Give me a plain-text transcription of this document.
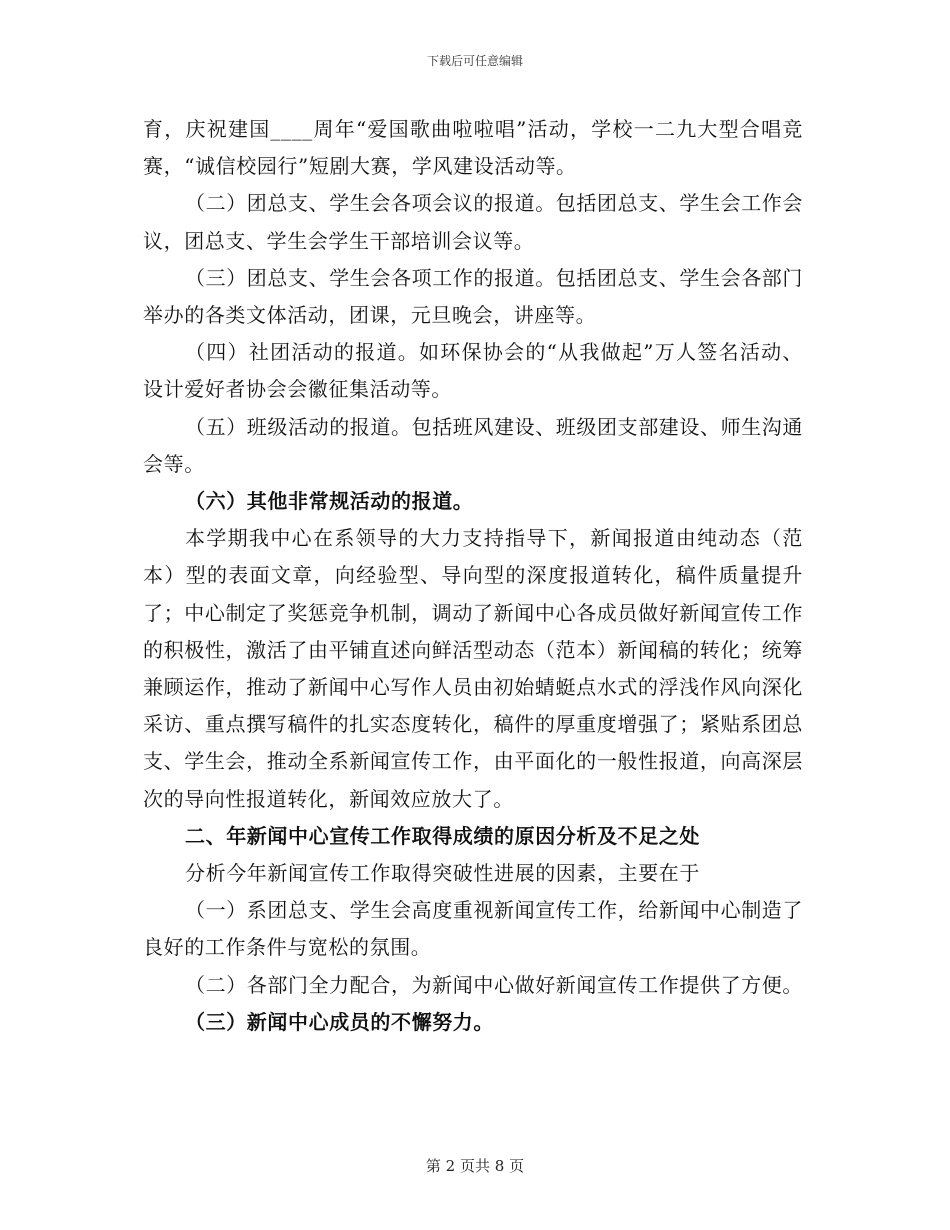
下载后可任意编辑

育，庆祝建国____周年“爱国歌曲啦啦唱”活动，学校一二九大型合唱竞赛，“诚信校园行”短剧大赛，学风建设活动等。

（二）团总支、学生会各项会议的报道。包括团总支、学生会工作会议，团总支、学生会学生干部培训会议等。

（三）团总支、学生会各项工作的报道。包括团总支、学生会各部门举办的各类文体活动，团课，元旦晚会，讲座等。

（四）社团活动的报道。如环保协会的“从我做起”万人签名活动、设计爱好者协会会徽征集活动等。

（五）班级活动的报道。包括班风建设、班级团支部建设、师生沟通会等。

（六）其他非常规活动的报道。

本学期我中心在系领导的大力支持指导下，新闻报道由纯动态（范本）型的表面文章，向经验型、导向型的深度报道转化，稿件质量提升了；中心制定了奖惩竞争机制，调动了新闻中心各成员做好新闻宣传工作的积极性，激活了由平铺直述向鲜活型动态（范本）新闻稿的转化；统筹兼顾运作，推动了新闻中心写作人员由初始蜻蜓点水式的浮浅作风向深化采访、重点撰写稿件的扎实态度转化，稿件的厚重度增强了；紧贴系团总支、学生会，推动全系新闻宣传工作，由平面化的一般性报道，向高深层次的导向性报道转化，新闻效应放大了。

二、年新闻中心宣传工作取得成绩的原因分析及不足之处

分析今年新闻宣传工作取得突破性进展的因素，主要在于

（一）系团总支、学生会高度重视新闻宣传工作，给新闻中心制造了良好的工作条件与宽松的氛围。

（二）各部门全力配合，为新闻中心做好新闻宣传工作提供了方便。

（三）新闻中心成员的不懈努力。

第 2 页共 8 页
